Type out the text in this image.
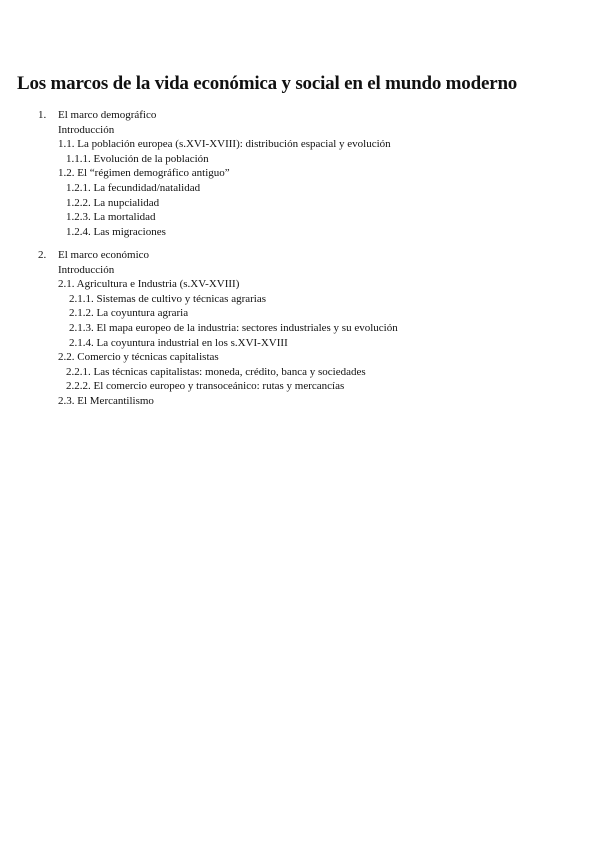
Los marcos de la vida económica y social en el mundo moderno
1. El marco demográfico
Introducción
1.1. La población europea (s.XVI-XVIII): distribución espacial y evolución
1.1.1. Evolución de la población
1.2. El “régimen demográfico antiguo”
1.2.1. La fecundidad/natalidad
1.2.2. La nupcialidad
1.2.3. La mortalidad
1.2.4. Las migraciones
2. El marco económico
Introducción
2.1. Agricultura e Industria (s.XV-XVIII)
2.1.1. Sistemas de cultivo y técnicas agrarias
2.1.2. La coyuntura agraria
2.1.3. El mapa europeo de la industria: sectores industriales y su evolución
2.1.4. La coyuntura industrial en los s.XVI-XVIII
2.2. Comercio y técnicas capitalistas
2.2.1. Las técnicas capitalistas: moneda, crédito, banca y sociedades
2.2.2. El comercio europeo y transoceánico: rutas y mercancías
2.3. El Mercantilismo
